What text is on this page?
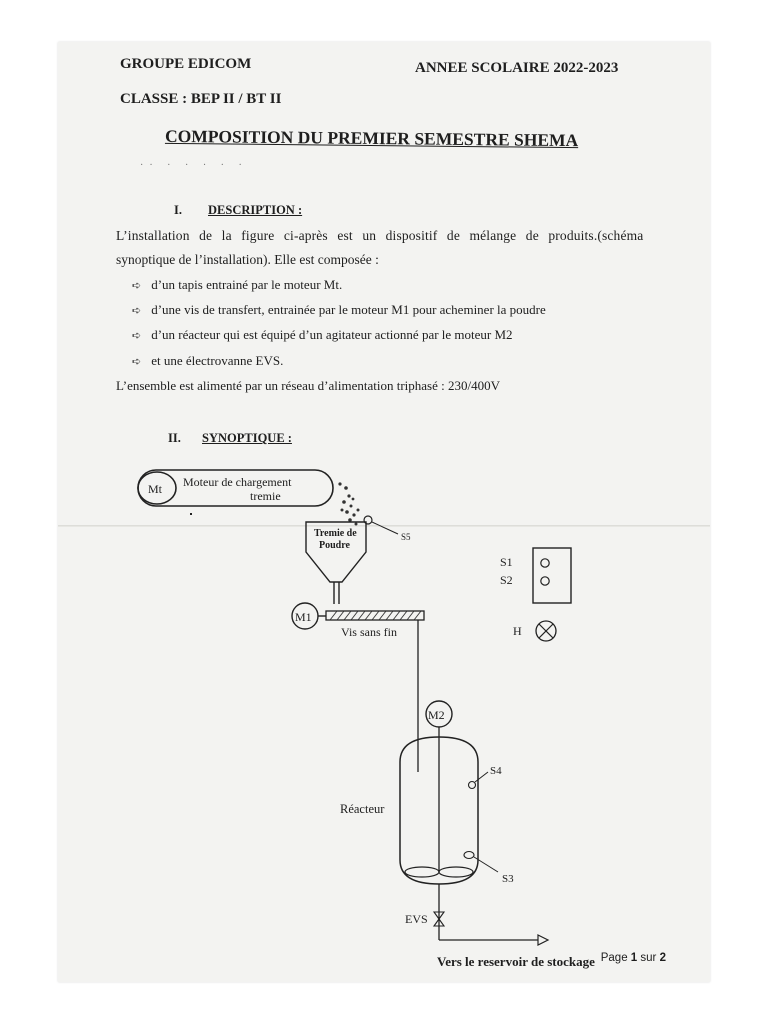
GROUPE EDICOM	ANNEE SCOLAIRE 2022-2023
CLASSE : BEP II / BT II
COMPOSITION DU PREMIER SEMESTRE SHEMA
·· · · · · ·
I. DESCRIPTION :
L’installation de la figure ci-après est un dispositif de mélange de produits.(schéma
synoptique de l’installation). Elle est composée :
➪ d’un tapis entrainé par le moteur Mt.
➪ d’une vis de transfert, entrainée par le moteur M1 pour acheminer la poudre
➪ d’un réacteur qui est équipé d’un agitateur actionné par le moteur M2
➪ et une électrovanne EVS.
L’ensemble est alimenté par un réseau d’alimentation triphasé : 230/400V
II. SYNOPTIQUE :
Mt Moteur de chargement
tremie
Tremie de
Poudre
S5
S1
S2
H
M1
Vis sans fin
M2
Réacteur
S4
S3
EVS
Vers le reservoir de stockage Page 1 sur 2
